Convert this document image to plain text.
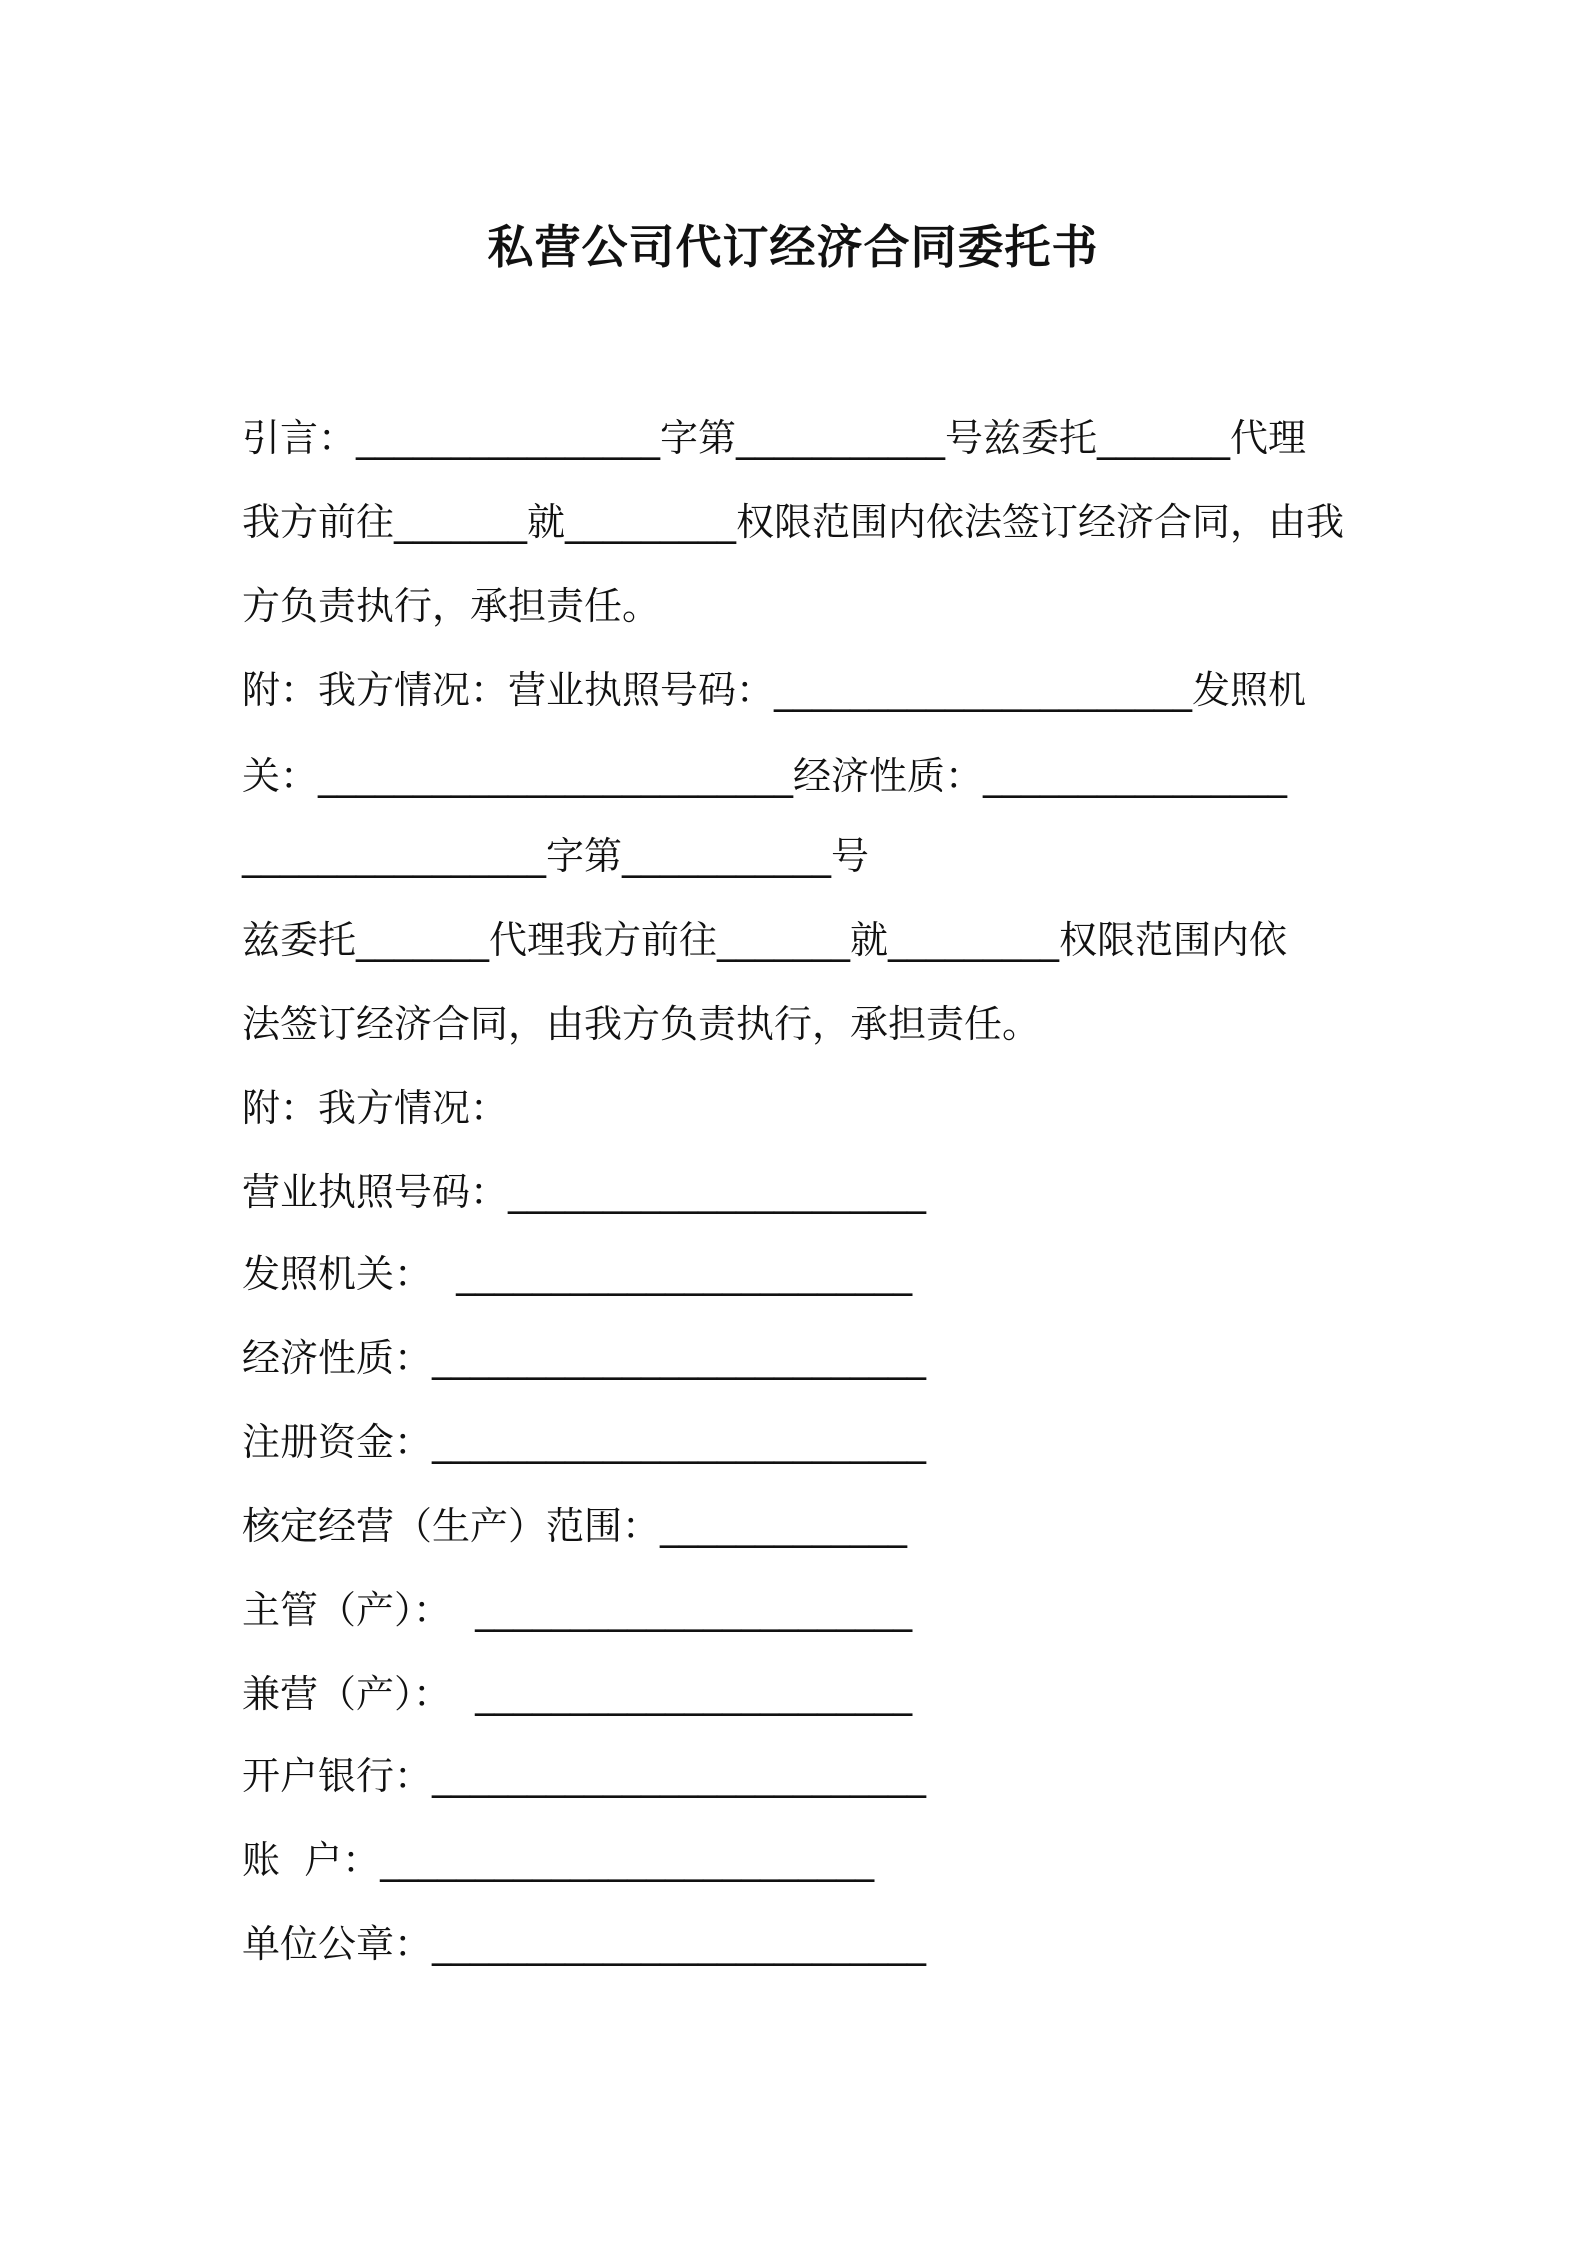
私营公司代订经济合同委托书
引言：________________字第___________号兹委托_______代理
我方前往_______就_________权限范围内依法签订经济合同，由我
方负责执行，承担责任。
附：我方情况：营业执照号码：______________________发照机
关：_________________________经济性质：________________
________________字第___________号
兹委托_______代理我方前往_______就_________权限范围内依
法签订经济合同，由我方负责执行，承担责任。
附：我方情况：
营业执照号码：______________________
发照机关：  ________________________
经济性质：__________________________
注册资金：__________________________
核定经营（生产）范围：_____________
主管（产）：  _______________________
兼营（产）：  _______________________
开户银行：__________________________
账  户：__________________________
单位公章：__________________________
